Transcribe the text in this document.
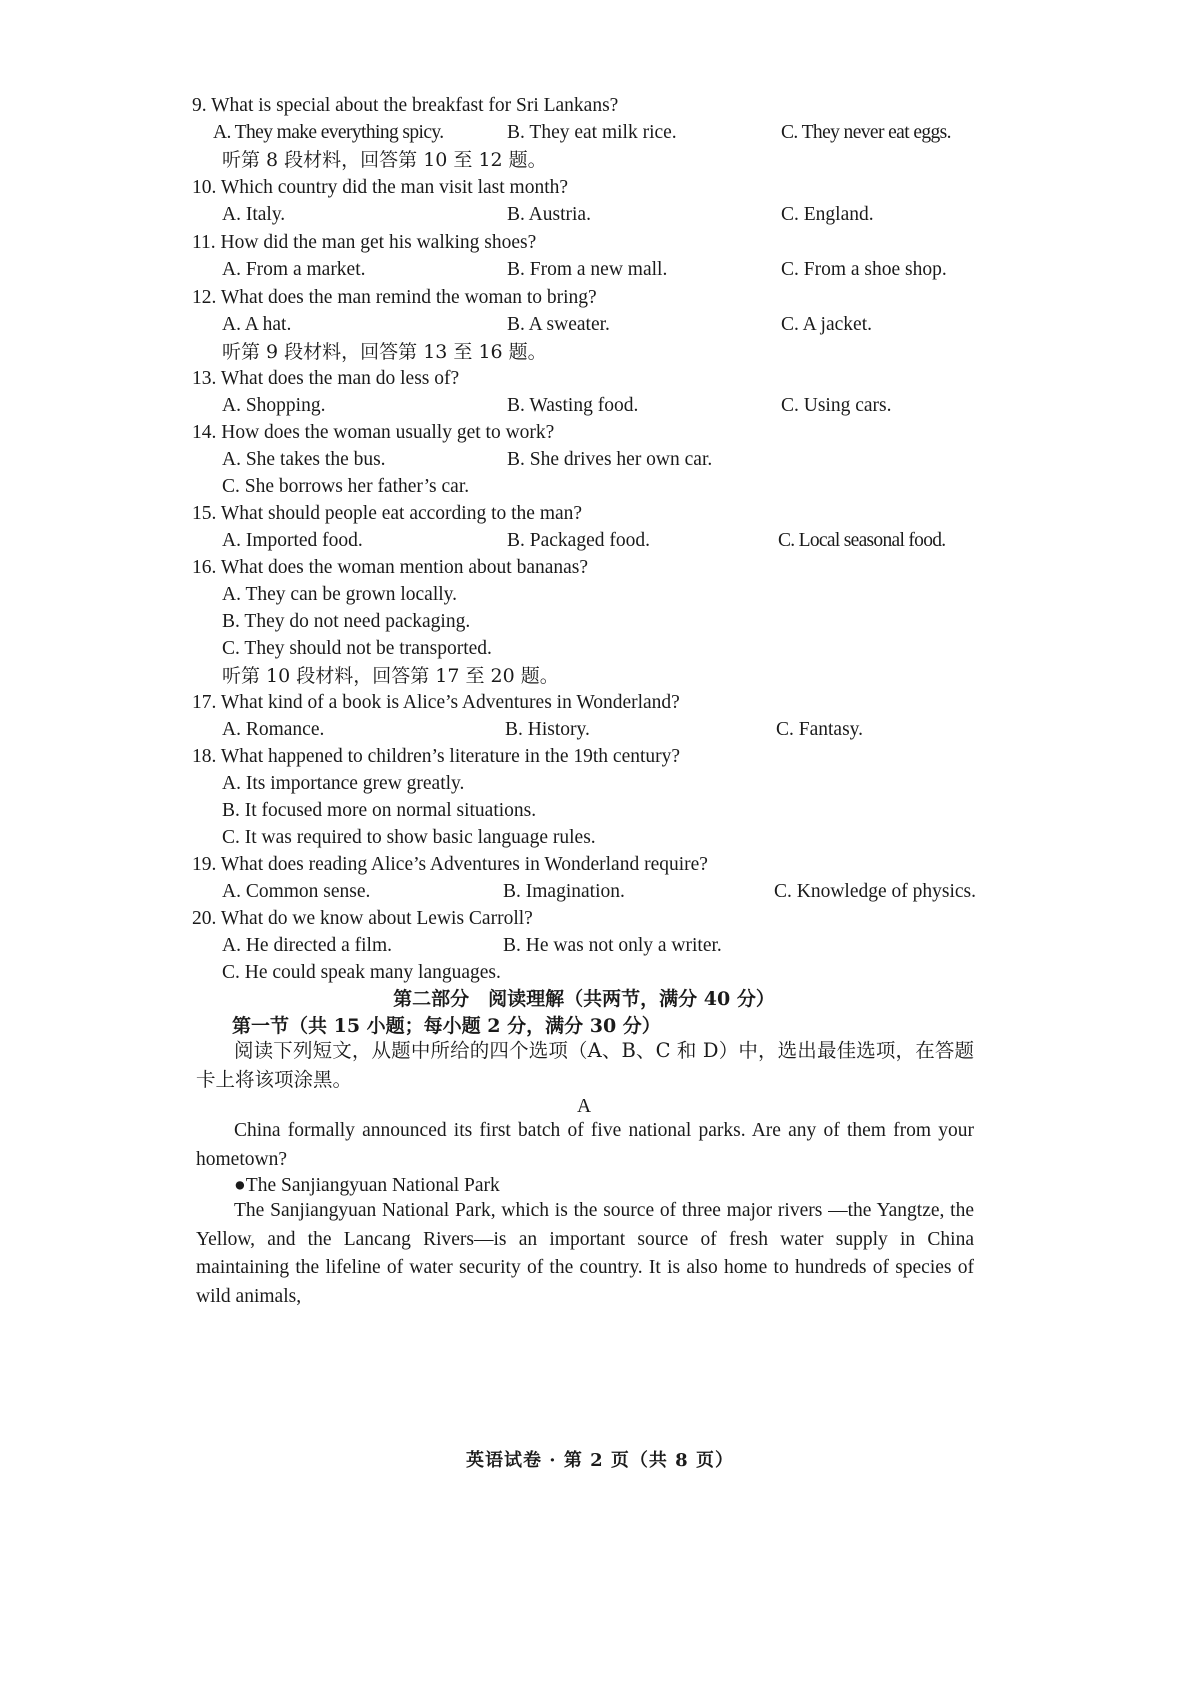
9. What is special about the breakfast for Sri Lankans?
A. They make everything spicy.	B. They eat milk rice.	C. They never eat eggs.
听第 8 段材料，回答第 10 至 12 题。
10. Which country did the man visit last month?
A. Italy.	B. Austria.	C. England.
11. How did the man get his walking shoes?
A. From a market.	B. From a new mall.	C. From a shoe shop.
12. What does the man remind the woman to bring?
A. A hat.	B. A sweater.	C. A jacket.
听第 9 段材料，回答第 13 至 16 题。
13. What does the man do less of?
A. Shopping.	B. Wasting food.	C. Using cars.
14. How does the woman usually get to work?
A. She takes the bus.	B. She drives her own car.
C. She borrows her father’s car.
15. What should people eat according to the man?
A. Imported food.	B. Packaged food.	C. Local seasonal food.
16. What does the woman mention about bananas?
A. They can be grown locally.
B. They do not need packaging.
C. They should not be transported.
听第 10 段材料，回答第 17 至 20 题。
17. What kind of a book is Alice’s Adventures in Wonderland?
A. Romance.	B. History.	C. Fantasy.
18. What happened to children’s literature in the 19th century?
A. Its importance grew greatly.
B. It focused more on normal situations.
C. It was required to show basic language rules.
19. What does reading Alice’s Adventures in Wonderland require?
A. Common sense.	B. Imagination.	C. Knowledge of physics.
20. What do we know about Lewis Carroll?
A. He directed a film.	B. He was not only a writer.
C. He could speak many languages.
第二部分　阅读理解（共两节，满分 40 分）
第一节（共 15 小题；每小题 2 分，满分 30 分）
阅读下列短文，从题中所给的四个选项（A、B、C 和 D）中，选出最佳选项，在答题卡上将该项涂黑。
A
China formally announced its first batch of five national parks. Are any of them from your hometown?
●The Sanjiangyuan National Park
The Sanjiangyuan National Park, which is the source of three major rivers —the Yangtze, the Yellow, and the Lancang Rivers—is an important source of fresh water supply in China maintaining the lifeline of water security of the country. It is also home to hundreds of species of wild animals,
英语试卷 · 第 2 页（共 8 页）
